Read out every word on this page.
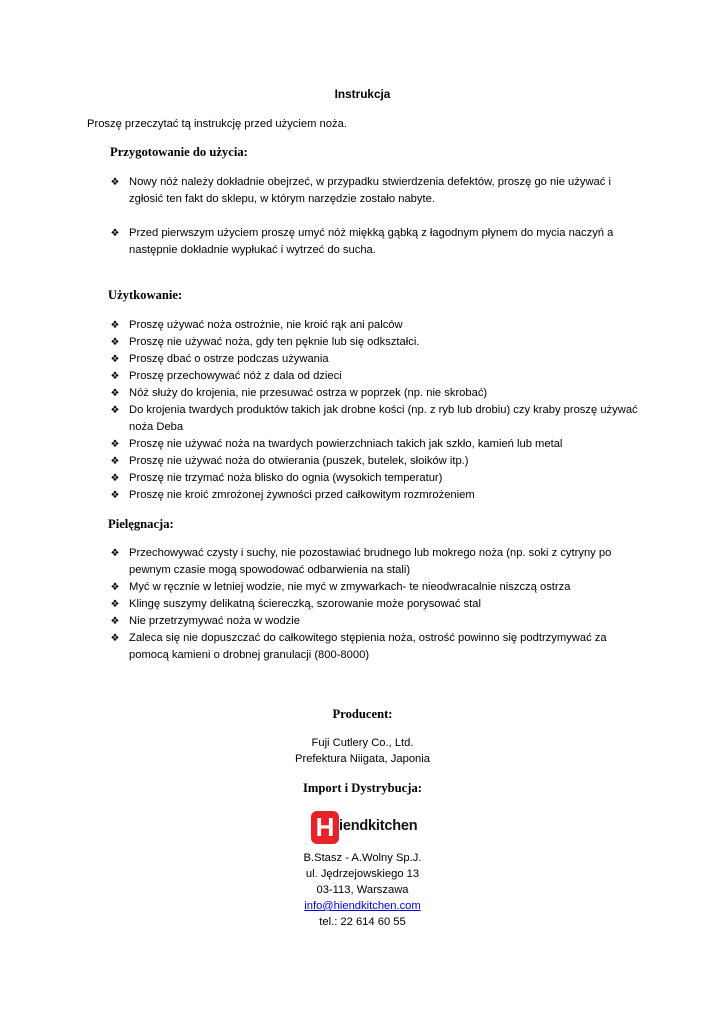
Instrukcja
Proszę przeczytać tą instrukcję przed użyciem noża.
Przygotowanie do użycia:
❖ Nowy nóż należy dokładnie obejrzeć, w przypadku stwierdzenia defektów, proszę go nie używać i zgłosić ten fakt do sklepu, w którym narzędzie zostało nabyte.
❖ Przed pierwszym użyciem proszę umyć nóż miękką gąbką z łagodnym płynem do mycia naczyń a następnie dokładnie wypłukać i wytrzeć do sucha.
Użytkowanie:
❖ Proszę używać noża ostrożnie, nie kroić rąk ani palców
❖ Proszę nie używać noża, gdy ten pęknie lub się odkształci.
❖ Proszę dbać o ostrze podczas używania
❖ Proszę przechowywać nóż z dala od dzieci
❖ Nóż służy do krojenia, nie przesuwać ostrza w poprzek (np. nie skrobać)
❖ Do krojenia twardych produktów takich jak drobne kości (np. z ryb lub drobiu) czy kraby proszę używać noża Deba
❖ Proszę nie używać noża na twardych powierzchniach takich jak szkło, kamień lub metal
❖ Proszę nie używać noża do otwierania (puszek, butelek, słoików itp.)
❖ Proszę nie trzymać noża blisko do ognia (wysokich temperatur)
❖ Proszę nie kroić zmrożonej żywności przed całkowitym rozmrożeniem
Pielęgnacja:
❖ Przechowywać czysty i suchy, nie pozostawiać brudnego lub mokrego noża (np. soki z cytryny po pewnym czasie mogą spowodować odbarwienia na stali)
❖ Myć w ręcznie w letniej wodzie, nie myć w zmywarkach- te nieodwracalnie niszczą ostrza
❖ Klingę suszymy delikatną ściereczką, szorowanie może porysować stal
❖ Nie przetrzymywać noża w wodzie
❖ Zaleca się nie dopuszczać do całkowitego stępienia noża, ostrość powinno się podtrzymywać za pomocą kamieni o drobnej granulacji (800-8000)
Producent:
Fuji Cutlery Co., Ltd.
Prefektura Niigata, Japonia
Import i Dystrybucja:
H iendkitchen
B.Stasz - A.Wolny Sp.J.
ul. Jędrzejowskiego 13
03-113, Warszawa
info@hiendkitchen.com
tel.: 22 614 60 55
